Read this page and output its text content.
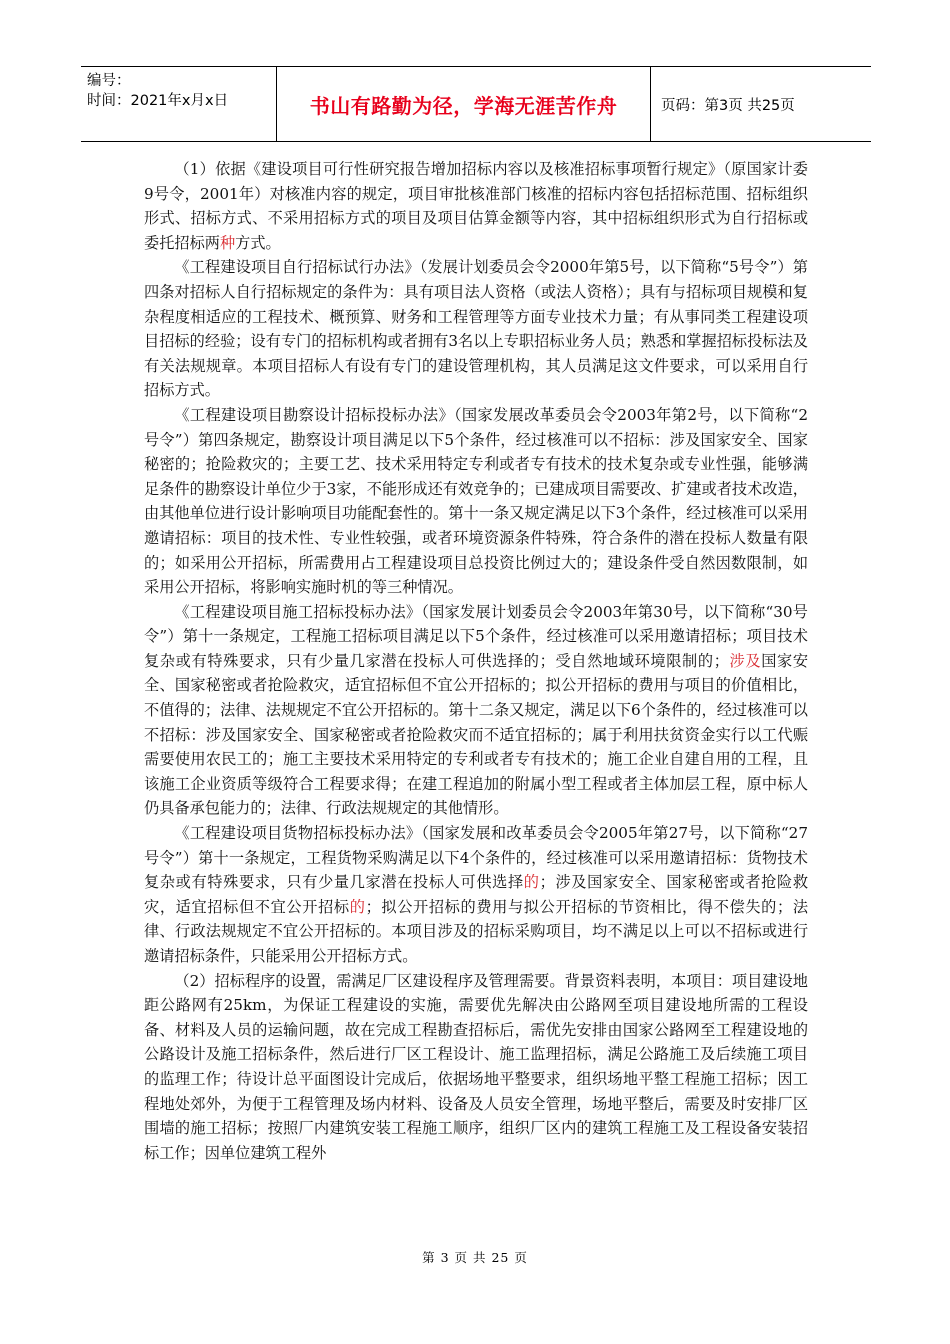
编号：
时间：2021年x月x日	书山有路勤为径，学海无涯苦作舟	页码：第3页 共25页

（1）依据《建设项目可行性研究报告增加招标内容以及核准招标事项暂行规定》（原国家计委9号令，2001年）对核准内容的规定，项目审批核准部门核准的招标内容包括招标范围、招标组织形式、招标方式、不采用招标方式的项目及项目估算金额等内容，其中招标组织形式为自行招标或委托招标两种方式。

《工程建设项目自行招标试行办法》（发展计划委员会令2000年第5号，以下简称“5号令”）第四条对招标人自行招标规定的条件为：具有项目法人资格（或法人资格）；具有与招标项目规模和复杂程度相适应的工程技术、概预算、财务和工程管理等方面专业技术力量；有从事同类工程建设项目招标的经验；设有专门的招标机构或者拥有3名以上专职招标业务人员；熟悉和掌握招标投标法及有关法规规章。本项目招标人有设有专门的建设管理机构，其人员满足这文件要求，可以采用自行招标方式。

《工程建设项目勘察设计招标投标办法》（国家发展改革委员会令2003年第2号，以下简称“2号令”）第四条规定，勘察设计项目满足以下5个条件，经过核准可以不招标：涉及国家安全、国家秘密的；抢险救灾的；主要工艺、技术采用特定专利或者专有技术的技术复杂或专业性强，能够满足条件的勘察设计单位少于3家，不能形成还有效竞争的；已建成项目需要改、扩建或者技术改造，由其他单位进行设计影响项目功能配套性的。第十一条又规定满足以下3个条件，经过核准可以采用邀请招标：项目的技术性、专业性较强，或者环境资源条件特殊，符合条件的潜在投标人数量有限的；如采用公开招标，所需费用占工程建设项目总投资比例过大的；建设条件受自然因数限制，如采用公开招标，将影响实施时机的等三种情况。

《工程建设项目施工招标投标办法》（国家发展计划委员会令2003年第30号，以下简称“30号令”）第十一条规定，工程施工招标项目满足以下5个条件，经过核准可以采用邀请招标；项目技术复杂或有特殊要求，只有少量几家潜在投标人可供选择的；受自然地域环境限制的；涉及国家安全、国家秘密或者抢险救灾，适宜招标但不宜公开招标的；拟公开招标的费用与项目的价值相比，不值得的；法律、法规规定不宜公开招标的。第十二条又规定，满足以下6个条件的，经过核准可以不招标：涉及国家安全、国家秘密或者抢险救灾而不适宜招标的；属于利用扶贫资金实行以工代赈需要使用农民工的；施工主要技术采用特定的专利或者专有技术的；施工企业自建自用的工程，且该施工企业资质等级符合工程要求得；在建工程追加的附属小型工程或者主体加层工程，原中标人仍具备承包能力的；法律、行政法规规定的其他情形。

《工程建设项目货物招标投标办法》（国家发展和改革委员会令2005年第27号，以下简称“27号令”）第十一条规定，工程货物采购满足以下4个条件的，经过核准可以采用邀请招标：货物技术复杂或有特殊要求，只有少量几家潜在投标人可供选择的；涉及国家安全、国家秘密或者抢险救灾，适宜招标但不宜公开招标的；拟公开招标的费用与拟公开招标的节资相比，得不偿失的；法律、行政法规规定不宜公开招标的。本项目涉及的招标采购项目，均不满足以上可以不招标或进行邀请招标条件，只能采用公开招标方式。

（2）招标程序的设置，需满足厂区建设程序及管理需要。背景资料表明，本项目：项目建设地距公路网有25km，为保证工程建设的实施，需要优先解决由公路网至项目建设地所需的工程设备、材料及人员的运输问题，故在完成工程勘查招标后，需优先安排由国家公路网至工程建设地的公路设计及施工招标条件，然后进行厂区工程设计、施工监理招标，满足公路施工及后续施工项目的监理工作；待设计总平面图设计完成后，依据场地平整要求，组织场地平整工程施工招标；因工程地处郊外，为便于工程管理及场内材料、设备及人员安全管理，场地平整后，需要及时安排厂区围墙的施工招标；按照厂内建筑安装工程施工顺序，组织厂区内的建筑工程施工及工程设备安装招标工作；因单位建筑工程外

第 3 页 共 25 页
